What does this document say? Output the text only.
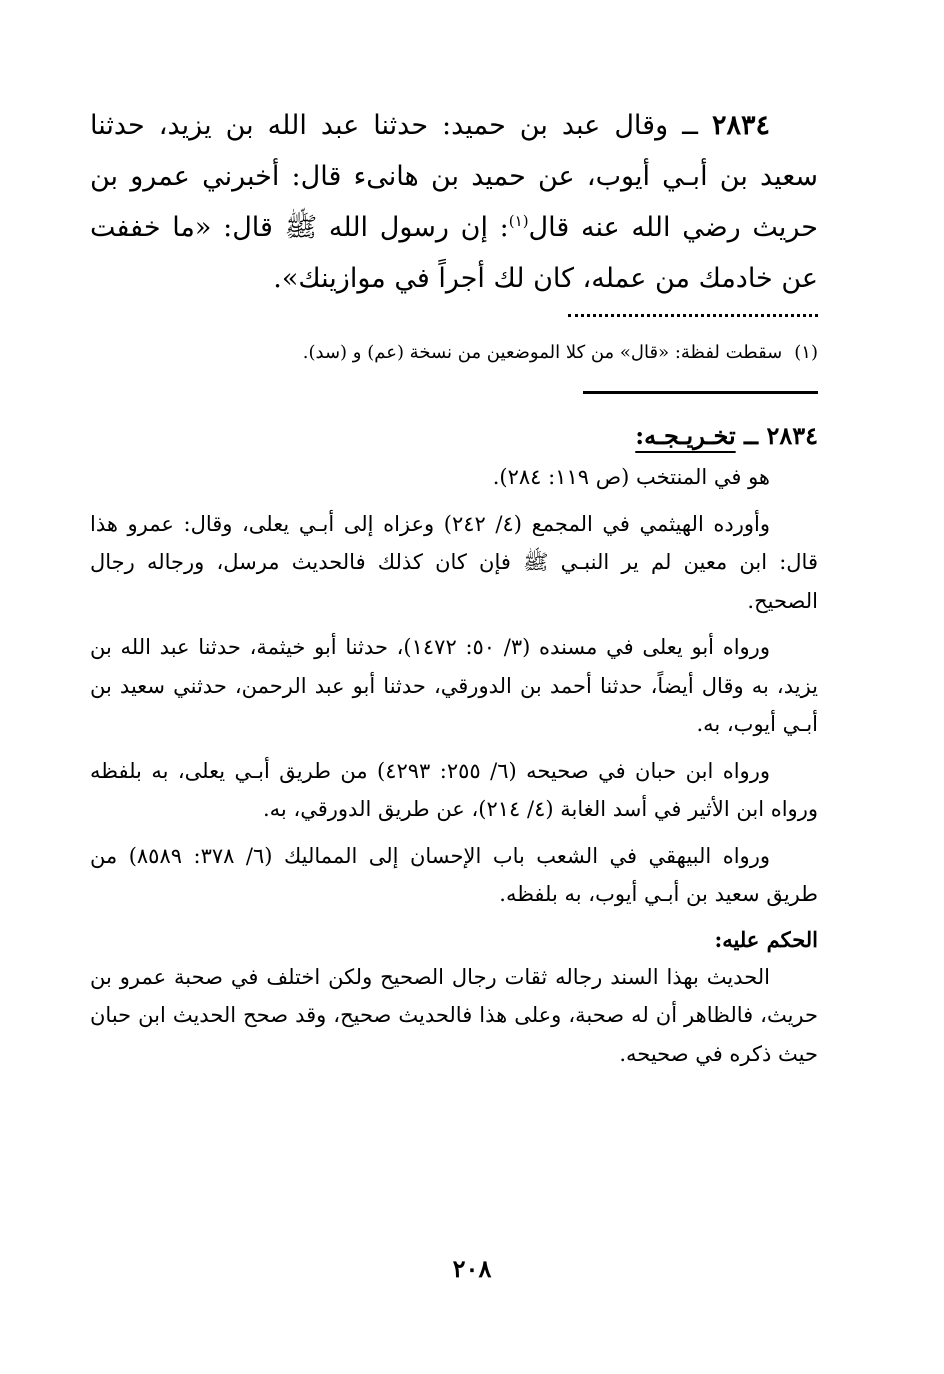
٢٨٣٤ ــ وقال عبد بن حميد: حدثنا عبد الله بن يزيد، حدثنا سعيد بن أبـي أيوب، عن حميد بن هانىء قال: أخبرني عمرو بن حريث رضي الله عنه قال$^{(١)}$: إن رسول الله ﷺ قال: «ما خففت عن خادمك من عمله، كان لك أجراً في موازينك».

(١)سقطت لفظة: «قال» من كلا الموضعين من نسخة (عم) و (سد).

٢٨٣٤ ــ تخـريـجـه:

هو في المنتخب (ص ١١٩: ٢٨٤).

وأورده الهيثمي في المجمع (٤/ ٢٤٢) وعزاه إلى أبـي يعلى، وقال: عمرو هذا قال: ابن معين لم ير النبـي ﷺ فإن كان كذلك فالحديث مرسل، ورجاله رجال الصحيح.

ورواه أبو يعلى في مسنده (٣/ ٥٠: ١٤٧٢)، حدثنا أبو خيثمة، حدثنا عبد الله بن يزيد، به وقال أيضاً، حدثنا أحمد بن الدورقي، حدثنا أبو عبد الرحمن، حدثني سعيد بن أبـي أيوب، به.

ورواه ابن حبان في صحيحه (٦/ ٢٥٥: ٤٢٩٣) من طريق أبـي يعلى، به بلفظه ورواه ابن الأثير في أسد الغابة (٤/ ٢١٤)، عن طريق الدورقي، به.

ورواه البيهقي في الشعب باب الإحسان إلى المماليك (٦/ ٣٧٨: ٨٥٨٩) من طريق سعيد بن أبـي أيوب، به بلفظه.

الحكم عليه:

الحديث بهذا السند رجاله ثقات رجال الصحيح ولكن اختلف في صحبة عمرو بن حريث، فالظاهر أن له صحبة، وعلى هذا فالحديث صحيح، وقد صحح الحديث ابن حبان حيث ذكره في صحيحه.

٢٠٨
